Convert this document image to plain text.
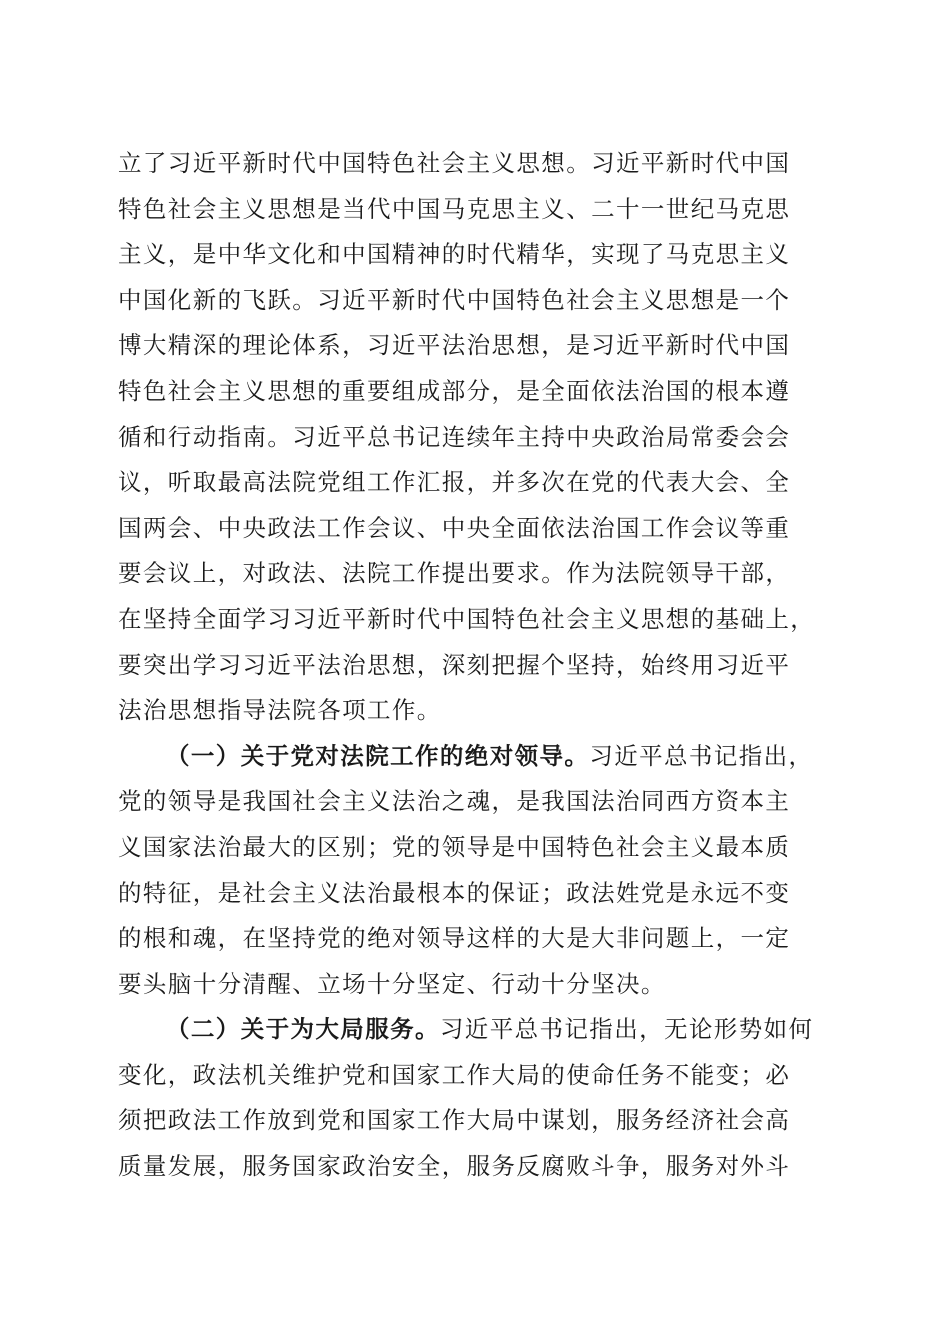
立了习近平新时代中国特色社会主义思想。习近平新时代中国
特色社会主义思想是当代中国马克思主义、二十一世纪马克思
主义，是中华文化和中国精神的时代精华，实现了马克思主义
中国化新的飞跃。习近平新时代中国特色社会主义思想是一个
博大精深的理论体系，习近平法治思想，是习近平新时代中国
特色社会主义思想的重要组成部分，是全面依法治国的根本遵
循和行动指南。习近平总书记连续年主持中央政治局常委会会
议，听取最高法院党组工作汇报，并多次在党的代表大会、全
国两会、中央政法工作会议、中央全面依法治国工作会议等重
要会议上，对政法、法院工作提出要求。作为法院领导干部，
在坚持全面学习习近平新时代中国特色社会主义思想的基础上，
要突出学习习近平法治思想，深刻把握个坚持，始终用习近平
法治思想指导法院各项工作。
（一）关于党对法院工作的绝对领导。习近平总书记指出，
党的领导是我国社会主义法治之魂，是我国法治同西方资本主
义国家法治最大的区别；党的领导是中国特色社会主义最本质
的特征，是社会主义法治最根本的保证；政法姓党是永远不变
的根和魂，在坚持党的绝对领导这样的大是大非问题上，一定
要头脑十分清醒、立场十分坚定、行动十分坚决。
（二）关于为大局服务。习近平总书记指出，无论形势如何
变化，政法机关维护党和国家工作大局的使命任务不能变；必
须把政法工作放到党和国家工作大局中谋划，服务经济社会高
质量发展，服务国家政治安全，服务反腐败斗争，服务对外斗
